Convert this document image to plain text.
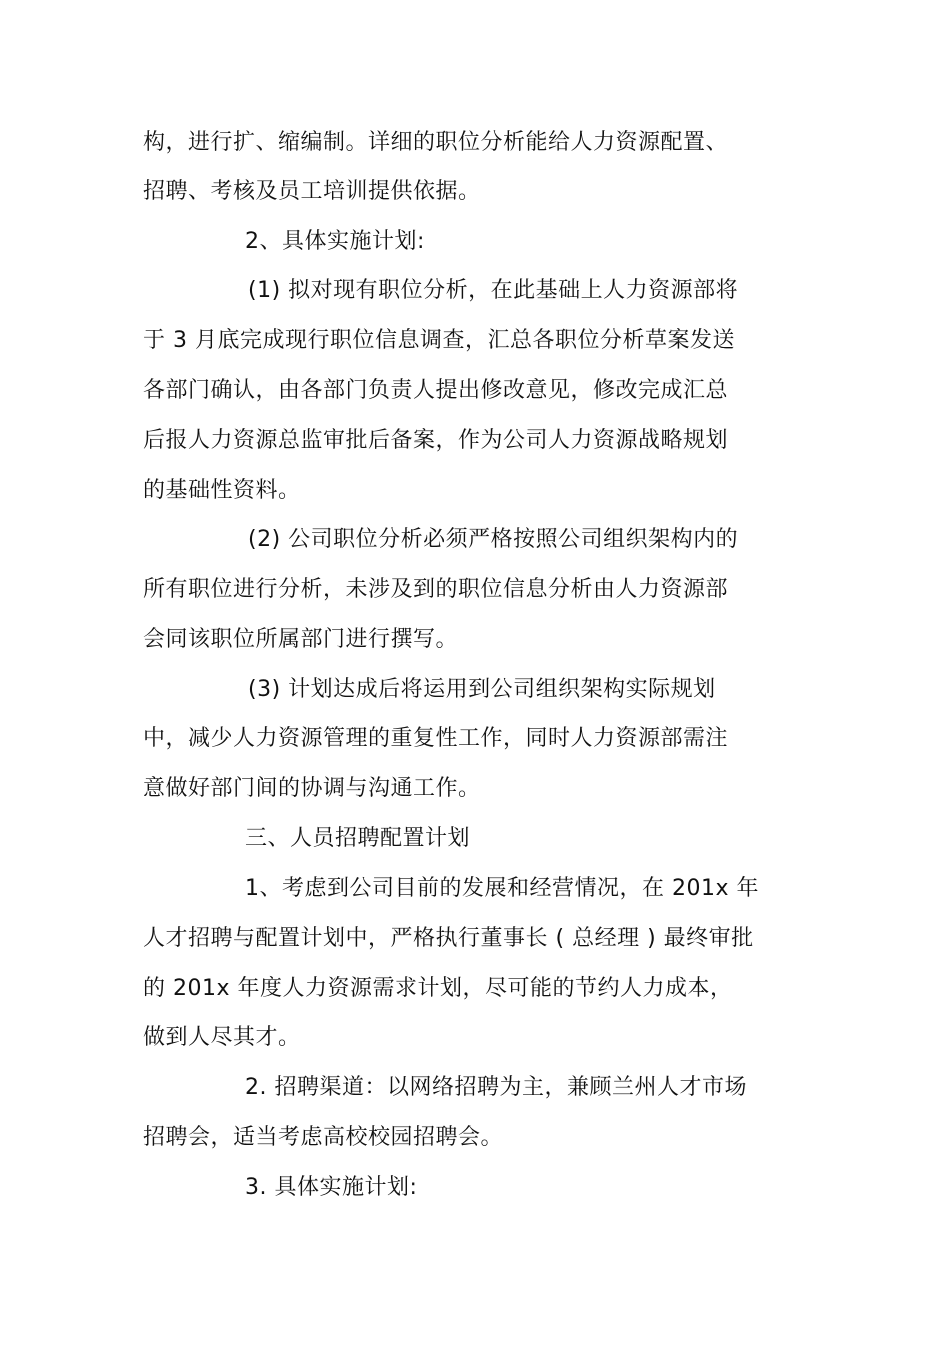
构，进行扩、缩编制。详细的职位分析能给人力资源配置、
招聘、考核及员工培训提供依据。
2、具体实施计划:
(1) 拟对现有职位分析，在此基础上人力资源部将
于 3 月底完成现行职位信息调查，汇总各职位分析草案发送
各部门确认，由各部门负责人提出修改意见，修改完成汇总
后报人力资源总监审批后备案，作为公司人力资源战略规划
的基础性资料。
(2) 公司职位分析必须严格按照公司组织架构内的
所有职位进行分析，未涉及到的职位信息分析由人力资源部
会同该职位所属部门进行撰写。
(3) 计划达成后将运用到公司组织架构实际规划
中，减少人力资源管理的重复性工作，同时人力资源部需注
意做好部门间的协调与沟通工作。
三、人员招聘配置计划
1、考虑到公司目前的发展和经营情况，在 201x 年
人才招聘与配置计划中，严格执行董事长 ( 总经理 ) 最终审批
的 201x 年度人力资源需求计划，尽可能的节约人力成本，
做到人尽其才。
2. 招聘渠道：以网络招聘为主，兼顾兰州人才市场
招聘会，适当考虑高校校园招聘会。
3. 具体实施计划:
